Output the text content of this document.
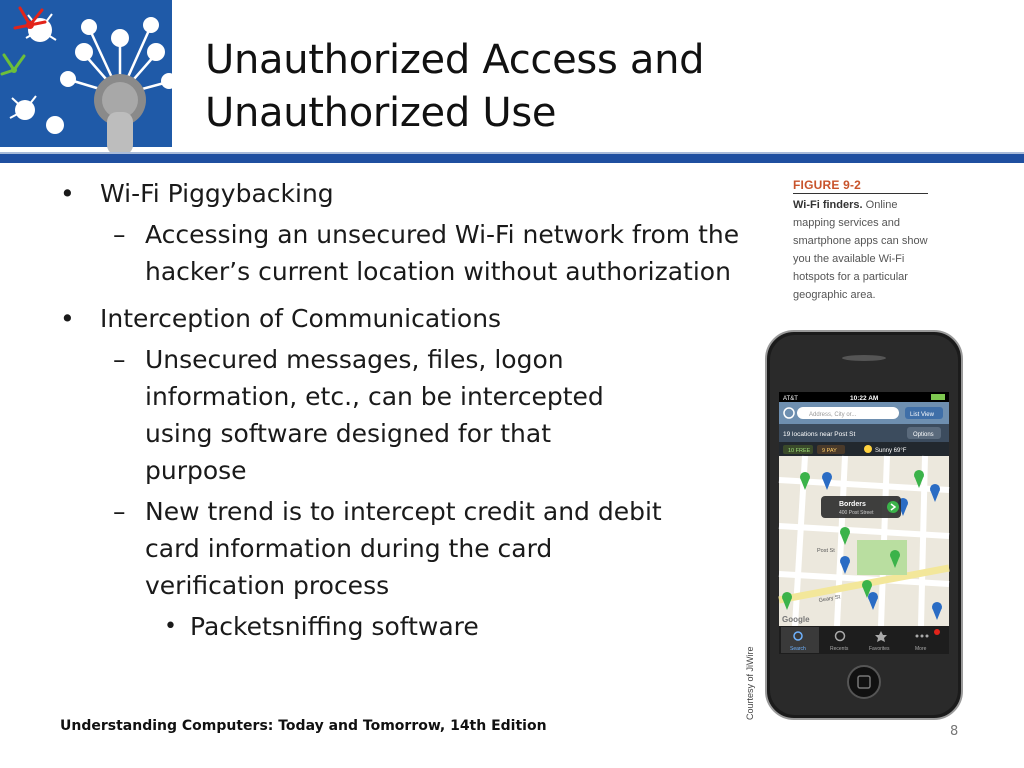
Unauthorized Access and
Unauthorized Use
• Wi-Fi Piggybacking
– Accessing an unsecured Wi-Fi network from the hacker’s current location without authorization
• Interception of Communications
– Unsecured messages, files, logon information, etc., can be intercepted using software designed for that purpose
– New trend is to intercept credit and debit card information during the card verification process
• Packetsniffing software
FIGURE 9-2
Wi-Fi finders. Online mapping services and smartphone apps can show you the available Wi-Fi hotspots for a particular geographic area.
AT&T	10:22 AM
Address, City or...	List View
19 locations near Post St	Options
10 FREE 9 PAY	Sunny 69°F
Post St
Geary St
Google
Borders
400 Post Street
Search	Recents	Favorites	More
Courtesy of JiWire
Understanding Computers: Today and Tomorrow, 14th Edition	8
